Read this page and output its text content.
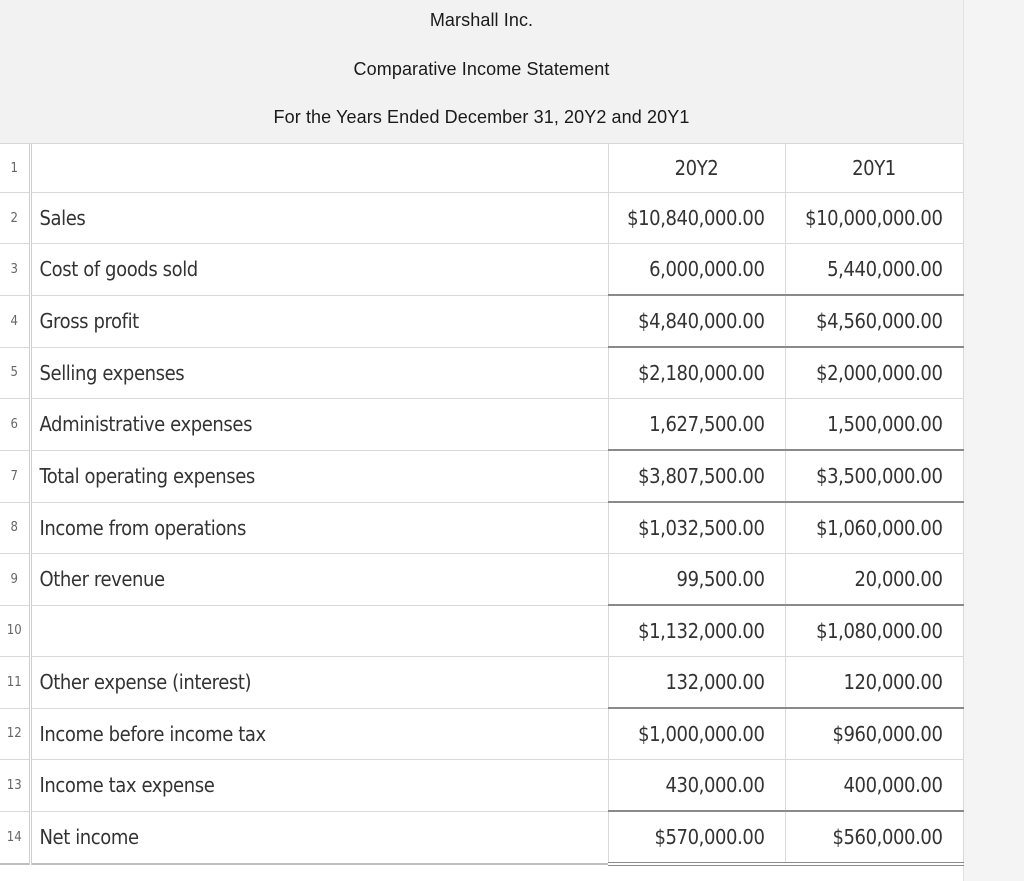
Marshall Inc.
Comparative Income Statement
For the Years Ended December 31, 20Y2 and 20Y1
1		20Y2	20Y1
2	Sales	$10,840,000.00	$10,000,000.00
3	Cost of goods sold	6,000,000.00	5,440,000.00
4	Gross profit	$4,840,000.00	$4,560,000.00
5	Selling expenses	$2,180,000.00	$2,000,000.00
6	Administrative expenses	1,627,500.00	1,500,000.00
7	Total operating expenses	$3,807,500.00	$3,500,000.00
8	Income from operations	$1,032,500.00	$1,060,000.00
9	Other revenue	99,500.00	20,000.00
10		$1,132,000.00	$1,080,000.00
11	Other expense (interest)	132,000.00	120,000.00
12	Income before income tax	$1,000,000.00	$960,000.00
13	Income tax expense	430,000.00	400,000.00
14	Net income	$570,000.00	$560,000.00
